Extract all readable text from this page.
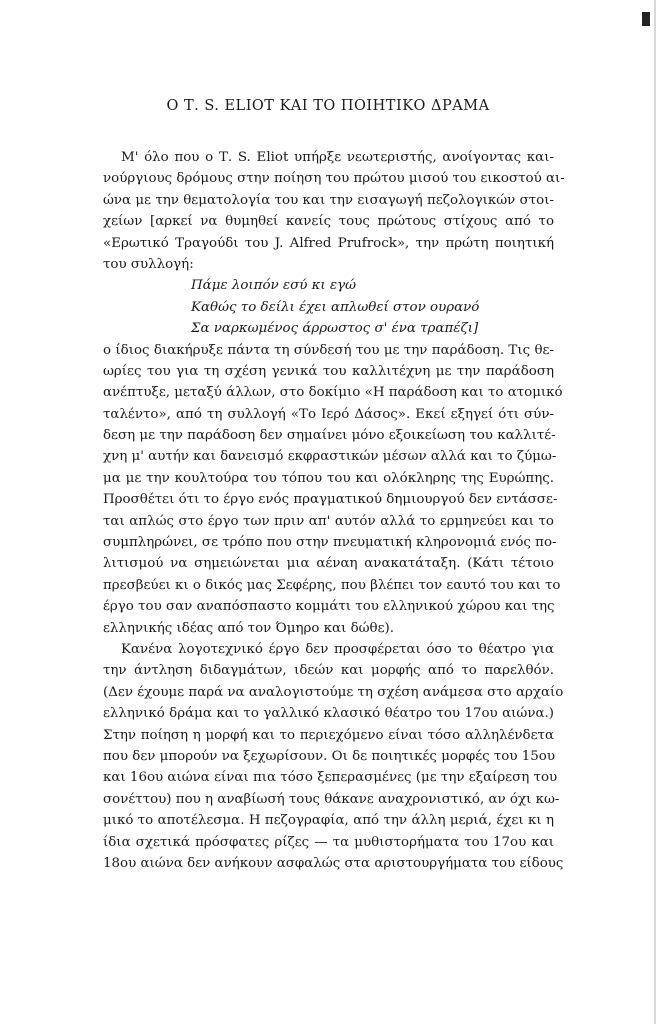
Ο Τ. S. ELIOT ΚΑΙ ΤΟ ΠΟΙΗΤΙΚΟ ΔΡΑΜΑ
Μ' όλο που ο Τ. S. Eliot υπήρξε νεωτεριστής, ανοίγοντας και-
νούργιους δρόμους στην ποίηση του πρώτου μισού του εικοστού αι-
ώνα με την θεματολογία του και την εισαγωγή πεζολογικών στοι-
χείων [αρκεί να θυμηθεί κανείς τους πρώτους στίχους από το
«Ερωτικό Τραγούδι του J. Alfred Prufrock», την πρώτη ποιητική
του συλλογή:
Πάμε λοιπόν εσύ κι εγώ
Καθώς το δείλι έχει απλωθεί στον ουρανό
Σα ναρκωμένος άρρωστος σ' ένα τραπέζι]
ο ίδιος διακήρυξε πάντα τη σύνδεσή του με την παράδοση. Τις θε-
ωρίες του για τη σχέση γενικά του καλλιτέχνη με την παράδοση
ανέπτυξε, μεταξύ άλλων, στο δοκίμιο «Η παράδοση και το ατομικό
ταλέντο», από τη συλλογή «Το Ιερό Δάσος». Εκεί εξηγεί ότι σύν-
δεση με την παράδοση δεν σημαίνει μόνο εξοικείωση του καλλιτέ-
χνη μ' αυτήν και δανεισμό εκφραστικών μέσων αλλά και το ζύμω-
μα με την κουλτούρα του τόπου του και ολόκληρης της Ευρώπης.
Προσθέτει ότι το έργο ενός πραγματικού δημιουργού δεν εντάσσε-
ται απλώς στο έργο των πριν απ' αυτόν αλλά το ερμηνεύει και το
συμπληρώνει, σε τρόπο που στην πνευματική κληρονομιά ενός πο-
λιτισμού να σημειώνεται μια αέναη ανακατάταξη. (Κάτι τέτοιο
πρεσβεύει κι ο δικός μας Σεφέρης, που βλέπει τον εαυτό του και το
έργο του σαν αναπόσπαστο κομμάτι του ελληνικού χώρου και της
ελληνικής ιδέας από τον Όμηρο και δώθε).
Κανένα λογοτεχνικό έργο δεν προσφέρεται όσο το θέατρο για
την άντληση διδαγμάτων, ιδεών και μορφής από το παρελθόν.
(Δεν έχουμε παρά να αναλογιστούμε τη σχέση ανάμεσα στο αρχαίο
ελληνικό δράμα και το γαλλικό κλασικό θέατρο του 17ου αιώνα.)
Στην ποίηση η μορφή και το περιεχόμενο είναι τόσο αλληλένδετα
που δεν μπορούν να ξεχωρίσουν. Οι δε ποιητικές μορφές του 15ου
και 16ου αιώνα είναι πια τόσο ξεπερασμένες (με την εξαίρεση του
σονέττου) που η αναβίωσή τους θάκανε αναχρονιστικό, αν όχι κω-
μικό το αποτέλεσμα. Η πεζογραφία, από την άλλη μεριά, έχει κι η
ίδια σχετικά πρόσφατες ρίζες — τα μυθιστορήματα του 17ου και
18ου αιώνα δεν ανήκουν ασφαλώς στα αριστουργήματα του είδους
